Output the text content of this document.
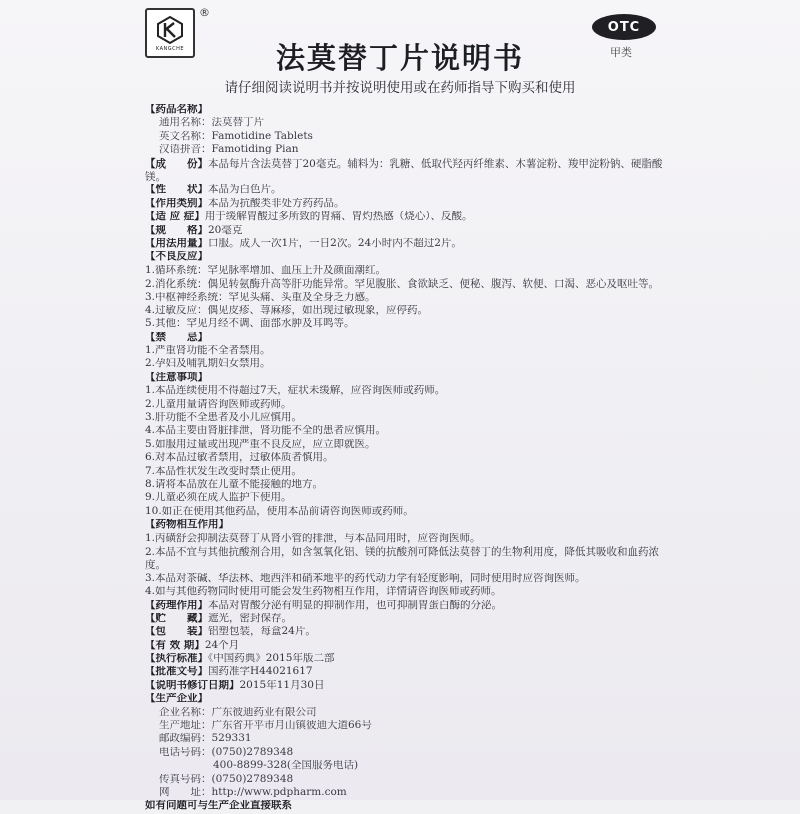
KANGCHE
®
OTC
甲类
法莫替丁片说明书
请仔细阅读说明书并按说明使用或在药师指导下购买和使用
【药品名称】
通用名称：法莫替丁片
英文名称：Famotidine Tablets
汉语拼音：Famotiding Pian
【成　　份】本品每片含法莫替丁20毫克。辅料为：乳糖、低取代羟丙纤维素、木薯淀粉、羧甲淀粉钠、硬脂酸镁。
【性　　状】本品为白色片。
【作用类别】本品为抗酸类非处方药药品。
【适 应 症】用于缓解胃酸过多所致的胃痛、胃灼热感（烧心）、反酸。
【规　　格】20毫克
【用法用量】口服。成人一次1片，一日2次。24小时内不超过2片。
【不良反应】
1.循环系统：罕见脉率增加、血压上升及颜面潮红。
2.消化系统：偶见转氨酶升高等肝功能异常。罕见腹胀、食欲缺乏、便秘、腹泻、软便、口渴、恶心及呕吐等。
3.中枢神经系统：罕见头痛、头重及全身乏力感。
4.过敏反应：偶见皮疹、荨麻疹，如出现过敏现象，应停药。
5.其他：罕见月经不调、面部水肿及耳鸣等。
【禁　　忌】
1.严重肾功能不全者禁用。
2.孕妇及哺乳期妇女禁用。
【注意事项】
1.本品连续使用不得超过7天，症状未缓解，应咨询医师或药师。
2.儿童用量请咨询医师或药师。
3.肝功能不全患者及小儿应慎用。
4.本品主要由肾脏排泄，肾功能不全的患者应慎用。
5.如服用过量或出现严重不良反应，应立即就医。
6.对本品过敏者禁用，过敏体质者慎用。
7.本品性状发生改变时禁止使用。
8.请将本品放在儿童不能接触的地方。
9.儿童必须在成人监护下使用。
10.如正在使用其他药品，使用本品前请咨询医师或药师。
【药物相互作用】
1.丙磺舒会抑制法莫替丁从肾小管的排泄，与本品同用时，应咨询医师。
2.本品不宜与其他抗酸剂合用，如含氢氧化铝、镁的抗酸剂可降低法莫替丁的生物利用度，降低其吸收和血药浓度。
3.本品对茶碱、华法林、地西泮和硝苯地平的药代动力学有轻度影响，同时使用时应咨询医师。
4.如与其他药物同时使用可能会发生药物相互作用，详情请咨询医师或药师。
【药理作用】本品对胃酸分泌有明显的抑制作用，也可抑制胃蛋白酶的分泌。
【贮　　藏】遮光，密封保存。
【包　　装】铝塑包装，每盒24片。
【有 效 期】24个月
【执行标准】《中国药典》2015年版二部
【批准文号】国药准字H44021617
【说明书修订日期】2015年11月30日
【生产企业】
企业名称：广东彼迪药业有限公司
生产地址：广东省开平市月山镇彼迪大道66号
邮政编码：529331
电话号码：(0750)2789348
400-8899-328(全国服务电话)
传真号码：(0750)2789348
网　　址：http://www.pdpharm.com
如有问题可与生产企业直接联系
